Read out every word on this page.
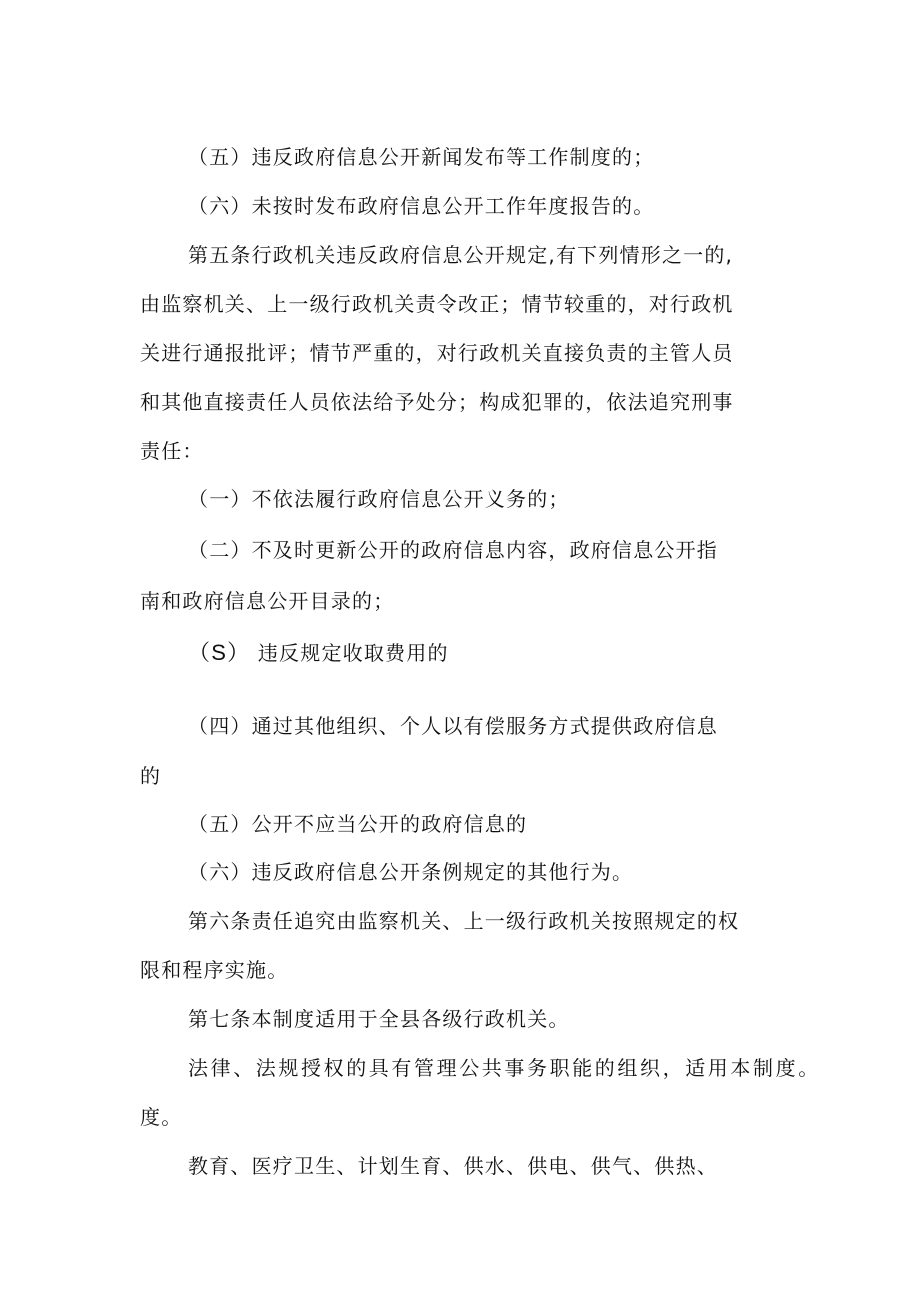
（五）违反政府信息公开新闻发布等工作制度的；
（六）未按时发布政府信息公开工作年度报告的。
第五条行政机关违反政府信息公开规定,有下列情形之一的,
由监察机关、上一级行政机关责令改正；情节较重的，对行政机
关进行通报批评；情节严重的，对行政机关直接负责的主管人员
和其他直接责任人员依法给予处分；构成犯罪的，依法追究刑事
责任：
（一）不依法履行政府信息公开义务的；
（二）不及时更新公开的政府信息内容，政府信息公开指
南和政府信息公开目录的；
（S） 违反规定收取费用的
（四）通过其他组织、个人以有偿服务方式提供政府信息
的
（五）公开不应当公开的政府信息的
（六）违反政府信息公开条例规定的其他行为。
第六条责任追究由监察机关、上一级行政机关按照规定的权
限和程序实施。
第七条本制度适用于全县各级行政机关。
法律、法规授权的具有管理公共事务职能的组织，适用本制度。
度。
教育、医疗卫生、计划生育、供水、供电、供气、供热、
